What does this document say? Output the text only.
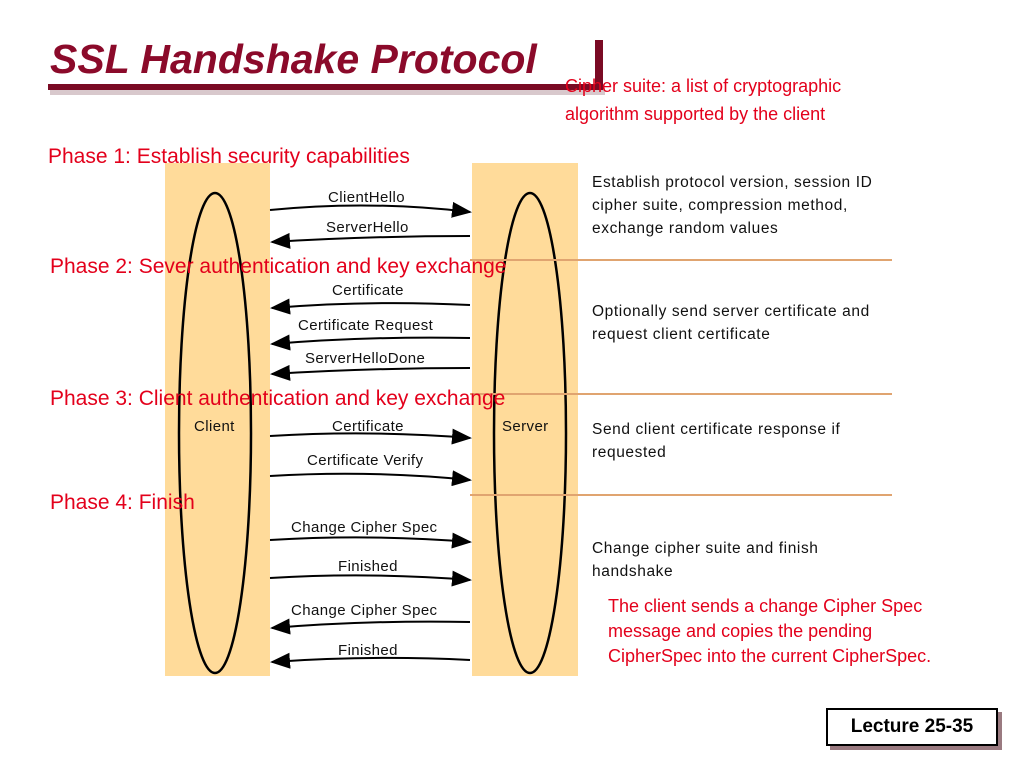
SSL Handshake Protocol
Cipher suite: a list of cryptographic
algorithm supported by the client
Phase 1: Establish security capabilities
Phase 2: Sever authentication and key exchange
Phase 3: Client authentication and key exchange
Phase 4: Finish
Client	Server
ClientHello
ServerHello
Certificate
Certificate Request
ServerHelloDone
Certificate
Certificate Verify
Change Cipher Spec
Finished
Change Cipher Spec
Finished
Establish protocol version, session ID
cipher suite, compression method,
exchange random values
Optionally send server certificate and
request client certificate
Send client certificate response if
requested
Change cipher suite and finish
handshake
The client sends a change Cipher Spec
message and copies the pending
CipherSpec into the current CipherSpec.
Lecture 25-35
